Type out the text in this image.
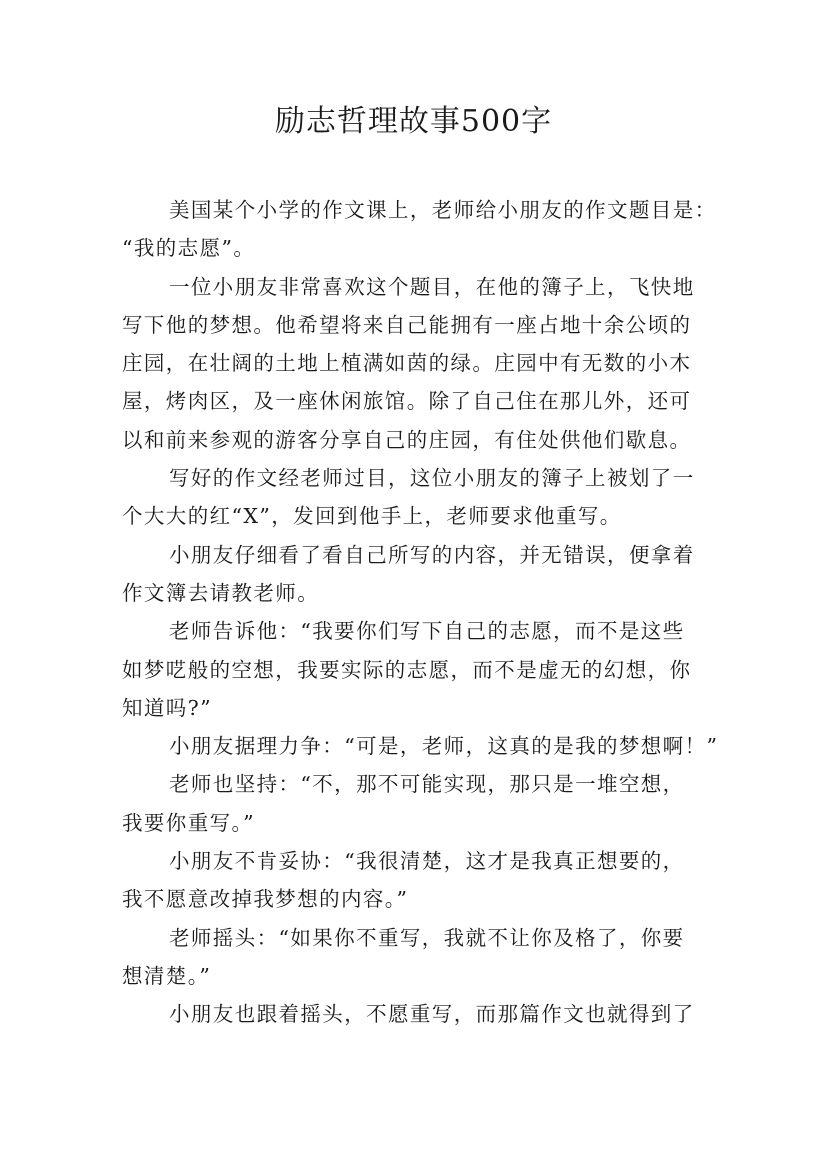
励志哲理故事500字

美国某个小学的作文课上，老师给小朋友的作文题目是：
“我的志愿”。

一位小朋友非常喜欢这个题目，在他的簿子上，飞快地
写下他的梦想。他希望将来自己能拥有一座占地十余公顷的
庄园，在壮阔的土地上植满如茵的绿。庄园中有无数的小木
屋，烤肉区，及一座休闲旅馆。除了自己住在那儿外，还可
以和前来参观的游客分享自己的庄园，有住处供他们歇息。

写好的作文经老师过目，这位小朋友的簿子上被划了一
个大大的红“X”，发回到他手上，老师要求他重写。

小朋友仔细看了看自己所写的内容，并无错误，便拿着
作文簿去请教老师。

老师告诉他：“我要你们写下自己的志愿，而不是这些
如梦呓般的空想，我要实际的志愿，而不是虚无的幻想，你
知道吗?”

小朋友据理力争：“可是，老师，这真的是我的梦想啊！”

老师也坚持：“不，那不可能实现，那只是一堆空想，
我要你重写。”

小朋友不肯妥协：“我很清楚，这才是我真正想要的，
我不愿意改掉我梦想的内容。”

老师摇头：“如果你不重写，我就不让你及格了，你要
想清楚。”

小朋友也跟着摇头，不愿重写，而那篇作文也就得到了
